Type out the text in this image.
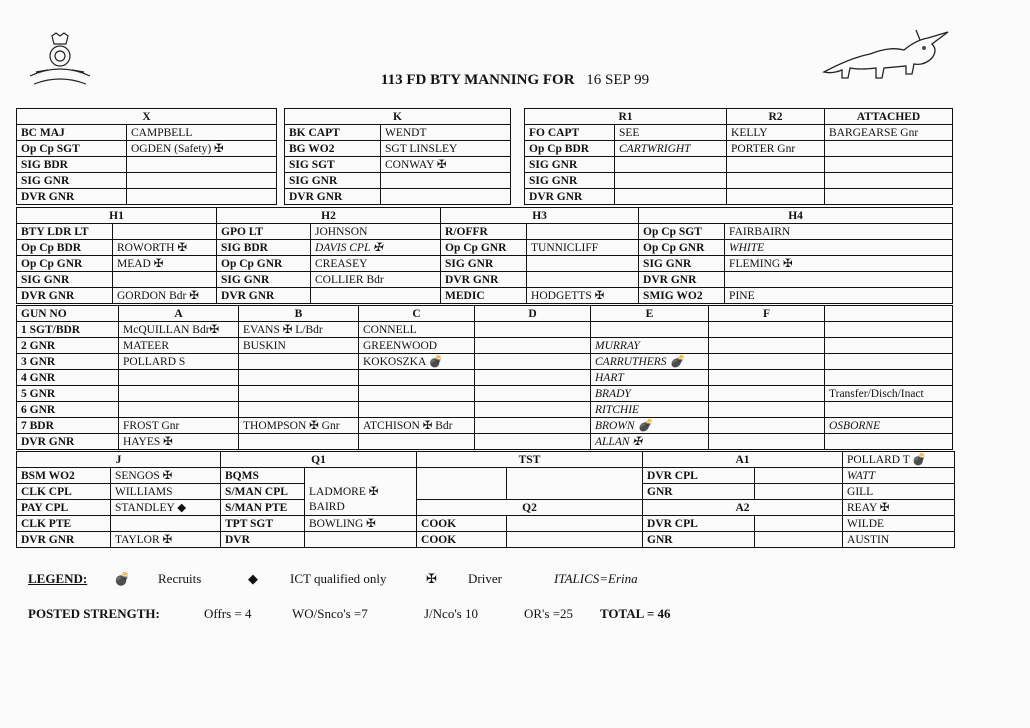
113 FD BTY MANNING FOR 16 SEP 99
X			K			R1		R2	ATTACHED
BC MAJ	CAMPBELL		BK CAPT	WENDT		FO CAPT	SEE	KELLY	BARGEARSE Gnr
Op Cp SGT	OGDEN (Safety) ✠		BG WO2	SGT LINSLEY		Op Cp BDR	CARTWRIGHT	PORTER Gnr	
SIG BDR			SIG SGT	CONWAY ✠		SIG GNR			
SIG GNR			SIG GNR			SIG GNR			
DVR GNR			DVR GNR			DVR GNR			
H1		H2		H3		H4	
BTY LDR LT		GPO LT	JOHNSON	R/OFFR		Op Cp SGT	FAIRBAIRN
Op Cp BDR	ROWORTH ✠	SIG BDR	DAVIS CPL ✠	Op Cp GNR	TUNNICLIFF	Op Cp GNR	WHITE
Op Cp GNR	MEAD ✠	Op Cp GNR	CREASEY	SIG GNR		SIG GNR	FLEMING ✠
SIG GNR		SIG GNR	COLLIER Bdr	DVR GNR		DVR GNR	
DVR GNR	GORDON Bdr ✠	DVR GNR		MEDIC	HODGETTS ✠	SMIG WO2	PINE
GUN NO	A	B	C	D	E	F	
1 SGT/BDR	McQUILLAN Bdr✠	EVANS ✠ L/Bdr	CONNELL				
2 GNR	MATEER	BUSKIN	GREENWOOD		MURRAY		
3 GNR	POLLARD S		KOKOSZKA 💣		CARRUTHERS 💣		
4 GNR					HART		
5 GNR					BRADY		Transfer/Disch/Inact
6 GNR					RITCHIE		
7 BDR	FROST Gnr	THOMPSON ✠ Gnr	ATCHISON ✠ Bdr		BROWN 💣		OSBORNE
DVR GNR	HAYES ✠				ALLAN ✠		
J		Q1		TST		A1		POLLARD T 💣
BSM WO2	SENGOS ✠	BQMS				DVR CPL		WATT
CLK CPL	WILLIAMS	S/MAN CPL	LADMORE ✠			GNR		GILL
PAY CPL	STANDLEY ◆	S/MAN PTE	BAIRD	Q2		A2		REAY ✠
CLK PTE		TPT SGT	BOWLING ✠	COOK		DVR CPL		WILDE
DVR GNR	TAYLOR ✠	DVR		COOK		GNR		AUSTIN
LEGEND: 💣 Recruits	◆ ICT qualified only	✠ Driver	ITALICS=Erina
POSTED STRENGTH:	Offrs = 4	WO/Snco's =7	J/Nco's 10	OR's =25 TOTAL = 46
